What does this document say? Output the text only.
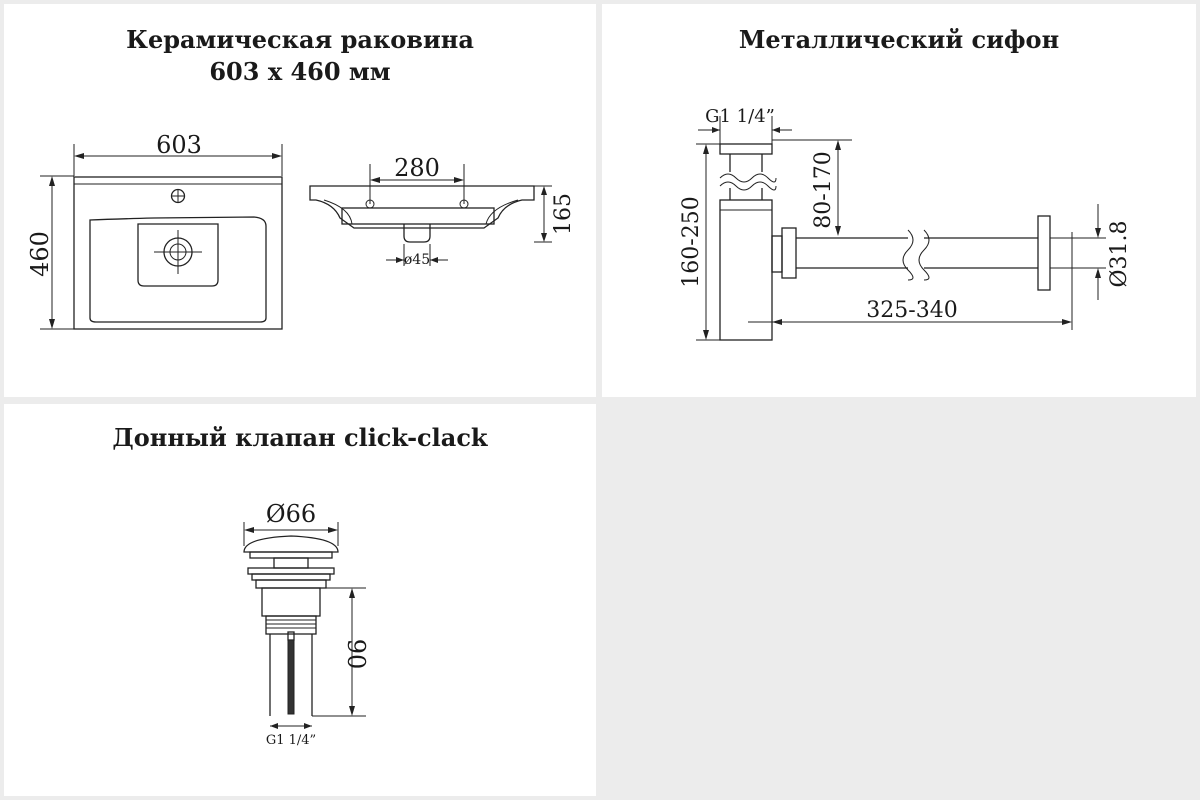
Керамическая раковина
603 х 460 мм
603
460
280
165
ø45
Металлический сифон
G1 1/4”
160-250
80-170
325-340
Ø31.8
Донный клапан click-clack
Ø66
90
G1 1/4”
